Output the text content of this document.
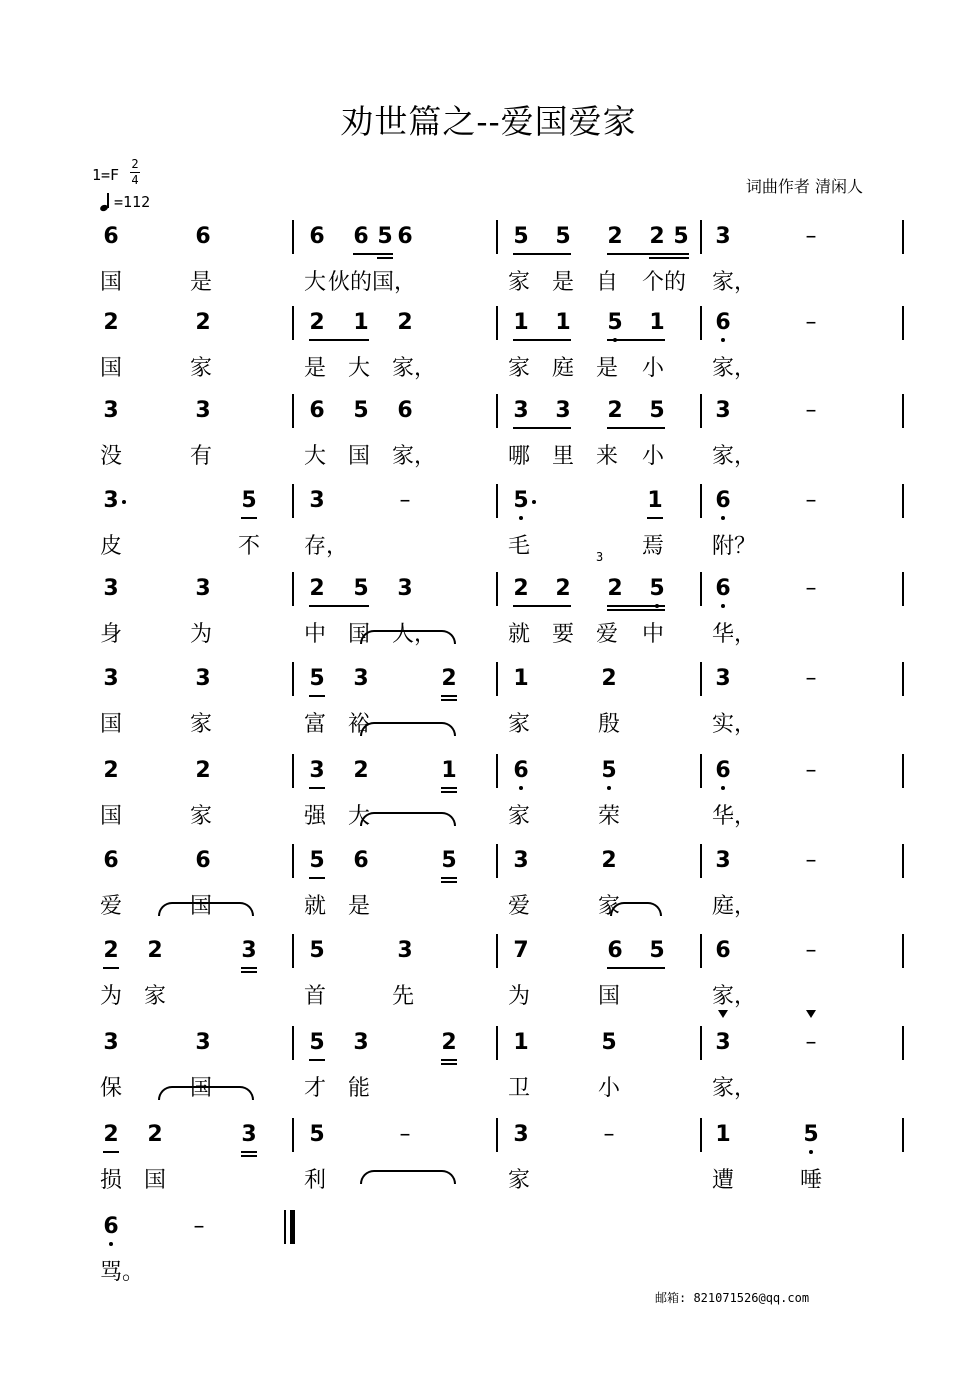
劝世篇之--爱国爱家
1=F
2
4
=112
词曲作者 清闲人
6	6	6 6 5 6	5 5 2 2 5 3	–
国	是	大 伙的国，	家 是 自 个的 家，
2	2	2 1 2	1 1 5 1 6	–
国	家	是 大 家，	家 庭 是 小 家，
3	3	6 5 6	3 3 2 5 3	–
没	有	大 国 家，	哪 里 来 小 家，
3	5 3	–	5	1 6	–
皮	不 存，	毛	焉 附？
3	3	2 5 3	2 2 2 5 6	–
3
身	为	中 国 人，	就 要 爱 中 华，
3	3	5 3	2	1	2	3	–
国	家	富 裕	家	殷	实，
2	2	3 2	1	6	5	6	–
国	家	强 大	家	荣	华，
6	6	5 6	5	3	2	3	–
爱	国	就 是	爱	家	庭，
2 2	3 5	3	7	6 5 6	–
为 家	首	先	为	国	家，
3	3	5 3	2	1	5	3	–
保	国	才 能	卫	小	家，
2 2	3 5	–	3	–	1	5
损 国	利	家	遭	唾
6	–
骂。
邮箱: 821071526@qq.com
